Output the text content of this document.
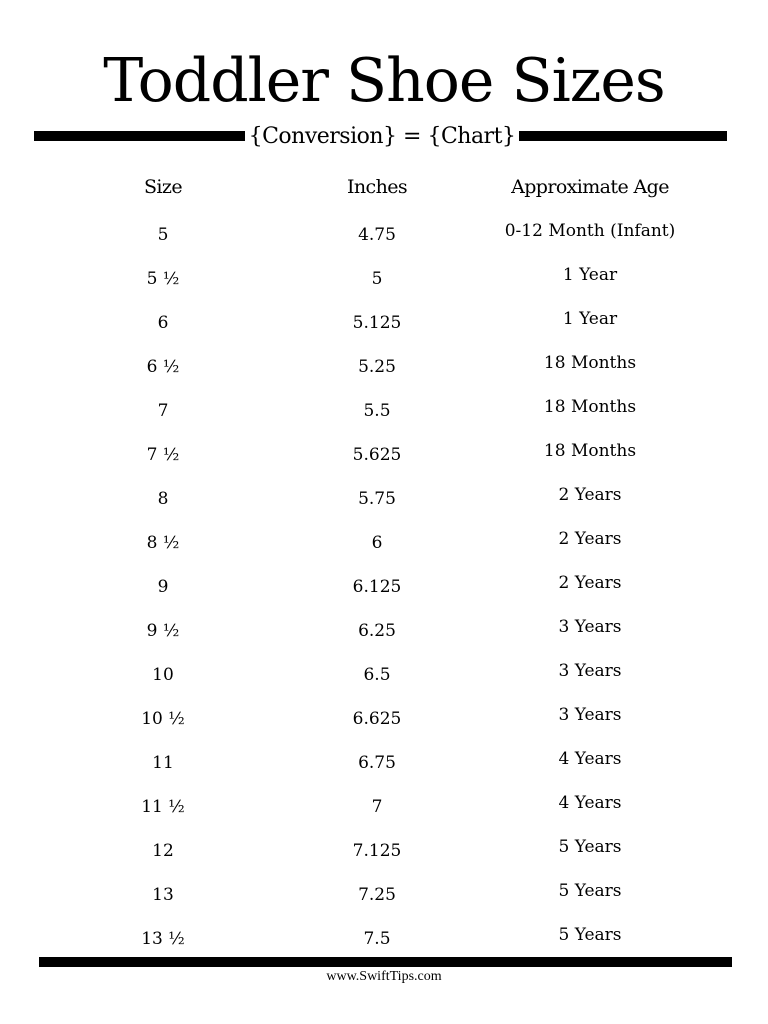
Toddler Shoe Sizes
{Conversion} = {Chart}
Size	Inches	Approximate Age
5	4.75	0-12 Month (Infant)
5 ½	5	1 Year
6	5.125	1 Year
6 ½	5.25	18 Months
7	5.5	18 Months
7 ½	5.625	18 Months
8	5.75	2 Years
8 ½	6	2 Years
9	6.125	2 Years
9 ½	6.25	3 Years
10	6.5	3 Years
10 ½	6.625	3 Years
11	6.75	4 Years
11 ½	7	4 Years
12	7.125	5 Years
13	7.25	5 Years
13 ½	7.5	5 Years
www.SwiftTips.com
